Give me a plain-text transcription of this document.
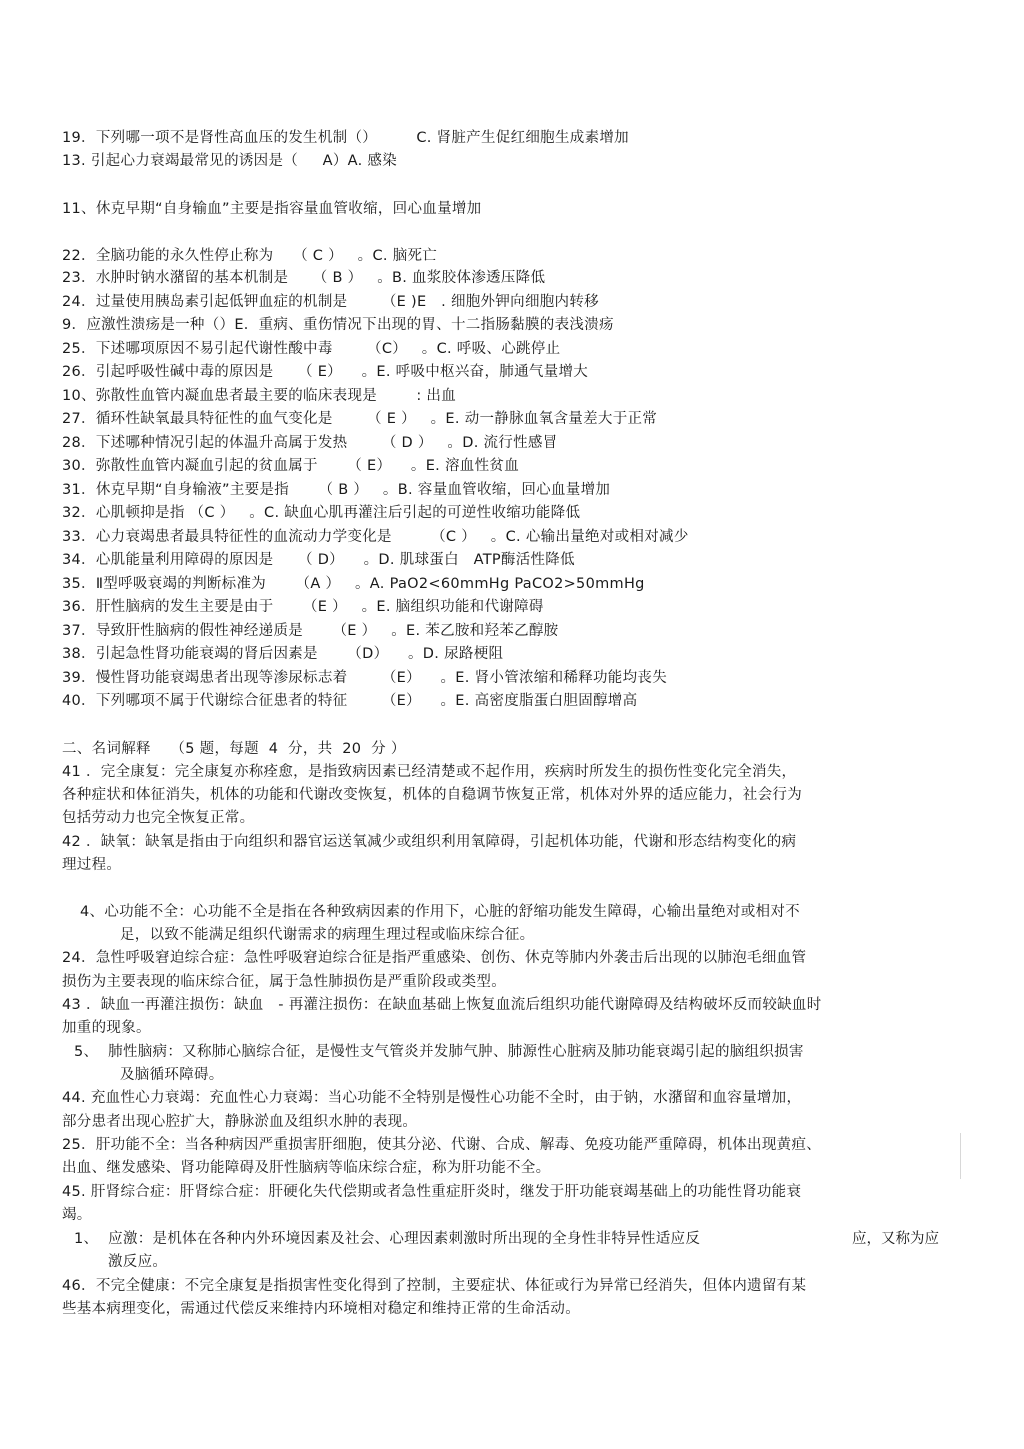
19．下列哪一项不是肾性高血压的发生机制（）        C. 肾脏产生促红细胞生成素增加
13. 引起心力衰竭最常见的诱因是（     A）A. 感染
11、休克早期“自身输血”主要是指容量血管收缩，回心血量增加
22．全脑功能的永久性停止称为    （ C ）   。C. 脑死亡
23．水肿时钠水潴留的基本机制是     （ B ）   。B. 血浆胶体渗透压降低
24．过量使用胰岛素引起低钾血症的机制是       （E )E   . 细胞外钾向细胞内转移
9．应激性溃疡是一种（）E．重病、重伤情况下出现的胃、十二指肠黏膜的表浅溃疡
25．下述哪项原因不易引起代谢性酸中毒       （C）   。C. 呼吸、心跳停止
26．引起呼吸性碱中毒的原因是     （ E）    。E. 呼吸中枢兴奋，肺通气量增大
10、弥散性血管内凝血患者最主要的临床表现是        : 出血
27．循环性缺氧最具特征性的血气变化是       （ E ）   。E. 动一静脉血氧含量差大于正常
28．下述哪种情况引起的体温升高属于发热       （ D ）   。D. 流行性感冒
30．弥散性血管内凝血引起的贫血属于      （ E）    。E. 溶血性贫血
31．休克早期“自身输液”主要是指      （ B ）   。B. 容量血管收缩，回心血量增加
32．心肌顿抑是指 （C ）   。C. 缺血心肌再灌注后引起的可逆性收缩功能降低
33．心力衰竭患者最具特征性的血流动力学变化是        （C ）   。C. 心输出量绝对或相对减少
34．心肌能量利用障碍的原因是     （ D）    。D. 肌球蛋白   ATP酶活性降低
35．Ⅱ型呼吸衰竭的判断标准为      （A ）   。A. PaO2<60mmHg PaCO2>50mmHg
36．肝性脑病的发生主要是由于      （E ）   。E. 脑组织功能和代谢障碍
37．导致肝性脑病的假性神经递质是      （E ）   。E. 苯乙胺和羟苯乙醇胺
38．引起急性肾功能衰竭的肾后因素是      （D）    。D. 尿路梗阻
39．慢性肾功能衰竭患者出现等渗尿标志着       （E）    。E. 肾小管浓缩和稀释功能均丧失
40．下列哪项不属于代谢综合征患者的特征       （E）    。E. 高密度脂蛋白胆固醇增高
二、名词解释    （5 题，每题  4  分，共  20  分 ）
41 ．完全康复：完全康复亦称痊愈，是指致病因素已经清楚或不起作用，疾病时所发生的损伤性变化完全消失，
各种症状和体征消失，机体的功能和代谢改变恢复，机体的自稳调节恢复正常，机体对外界的适应能力，社会行为
包括劳动力也完全恢复正常。
42 ．缺氧：缺氧是指由于向组织和器官运送氧减少或组织利用氧障碍，引起机体功能，代谢和形态结构变化的病
理过程。
4、心功能不全：心功能不全是指在各种致病因素的作用下，心脏的舒缩功能发生障碍，心输出量绝对或相对不
足，以致不能满足组织代谢需求的病理生理过程或临床综合征。
24．急性呼吸窘迫综合症：急性呼吸窘迫综合征是指严重感染、创伤、休克等肺内外袭击后出现的以肺泡毛细血管
损伤为主要表现的临床综合征，属于急性肺损伤是严重阶段或类型。
43 ．缺血一再灌注损伤：缺血   - 再灌注损伤：在缺血基础上恢复血流后组织功能代谢障碍及结构破坏反而较缺血时
加重的现象。
5、  肺性脑病：又称肺心脑综合征，是慢性支气管炎并发肺气肿、肺源性心脏病及肺功能衰竭引起的脑组织损害
及脑循环障碍。
44. 充血性心力衰竭：充血性心力衰竭：当心功能不全特别是慢性心功能不全时，由于钠，水潴留和血容量增加，
部分患者出现心腔扩大，静脉淤血及组织水肿的表现。
25．肝功能不全：当各种病因严重损害肝细胞，使其分泌、代谢、合成、解毒、免疫功能严重障碍，机体出现黄疸、
出血、继发感染、肾功能障碍及肝性脑病等临床综合症，称为肝功能不全。
45. 肝肾综合症：肝肾综合症：肝硬化失代偿期或者急性重症肝炎时，继发于肝功能衰竭基础上的功能性肾功能衰
竭。
1、  应激：是机体在各种内外环境因素及社会、心理因素刺激时所出现的全身性非特异性适应反	应，又称为应
激反应。
46．不完全健康：不完全康复是指损害性变化得到了控制，主要症状、体征或行为异常已经消失，但体内遗留有某
些基本病理变化，需通过代偿反来维持内环境相对稳定和维持正常的生命活动。
